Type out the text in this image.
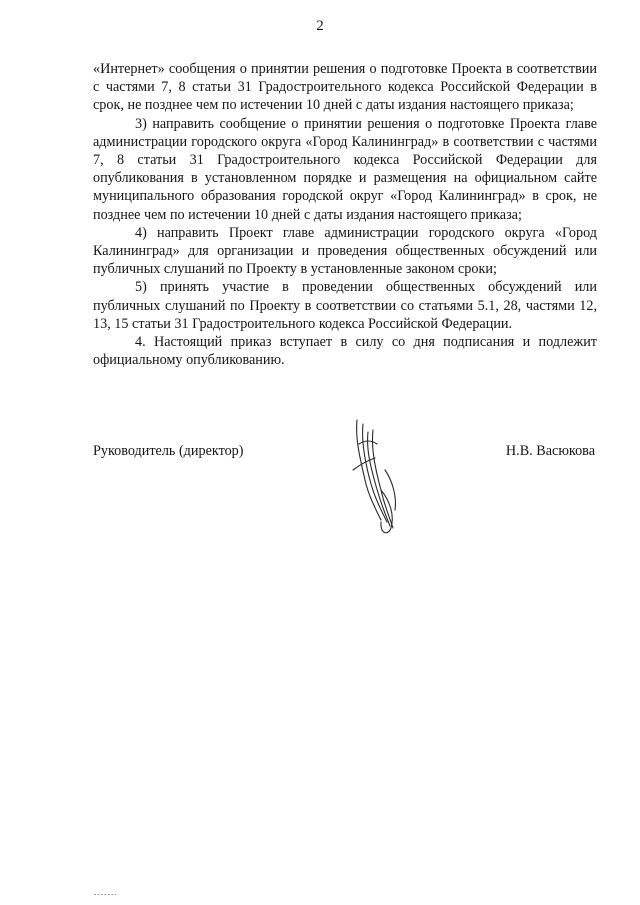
2

«Интернет» сообщения о принятии решения о подготовке Проекта в соответствии с частями 7, 8 статьи 31 Градостроительного кодекса Российской Федерации в срок, не позднее чем по истечении 10 дней с даты издания настоящего приказа;

3) направить сообщение о принятии решения о подготовке Проекта главе администрации городского округа «Город Калининград» в соответствии с частями 7, 8 статьи 31 Градостроительного кодекса Российской Федерации для опубликования в установленном порядке и размещения на официальном сайте муниципального образования городской округ «Город Калининград» в срок, не позднее чем по истечении 10 дней с даты издания настоящего приказа;

4) направить Проект главе администрации городского округа «Город Калининград» для организации и проведения общественных обсуждений или публичных слушаний по Проекту в установленные законом сроки;

5) принять участие в проведении общественных обсуждений или публичных слушаний по Проекту в соответствии со статьями 5.1, 28, частями 12, 13, 15 статьи 31 Градостроительного кодекса Российской Федерации.

4. Настоящий приказ вступает в силу со дня подписания и подлежит официальному опубликованию.

Руководитель (директор)	Н.В. Васюкова
